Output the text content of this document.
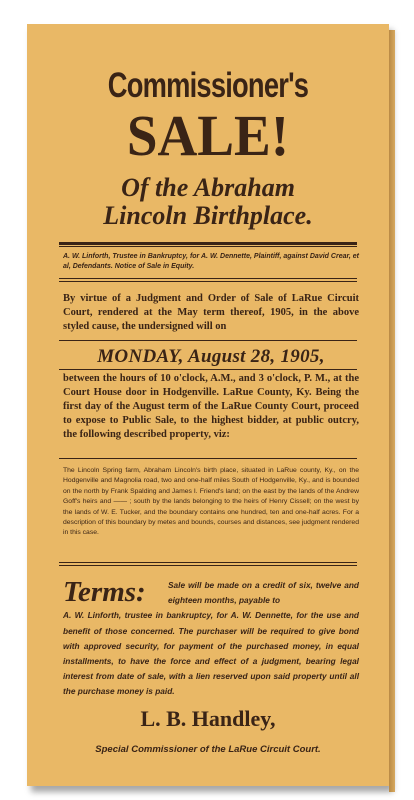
Commissioner's
SALE!
Of the Abraham
Lincoln Birthplace.
A. W. Linforth, Trustee in Bankruptcy, for A. W. Dennette, Plaintiff, against David Crear, et al, Defendants. Notice of Sale in Equity.
By virtue of a Judgment and Order of Sale of LaRue Circuit Court, rendered at the May term thereof, 1905, in the above styled cause, the undersigned will on
MONDAY, August 28, 1905,
between the hours of 10 o'clock, A.M., and 3 o'clock, P. M., at the Court House door in Hodgenville. LaRue County, Ky. Being the first day of the August term of the LaRue County Court, proceed to expose to Public Sale, to the highest bidder, at public outcry, the following described property, viz:
The Lincoln Spring farm, Abraham Lincoln's birth place, situated in LaRue county, Ky., on the Hodgenville and Magnolia road, two and one-half miles South of Hodgenville, Ky., and is bounded on the north by Frank Spalding and James I. Friend's land; on the east by the lands of the Andrew Goff's heirs and —— ; south by the lands belonging to the heirs of Henry Cissell; on the west by the lands of W. E. Tucker, and the boundary contains one hundred, ten and one-half acres. For a description of this boundary by metes and bounds, courses and distances, see judgment rendered in this case.
Terms:	Sale will be made on a credit of six, twelve and eighteen months, payable to
A. W. Linforth, trustee in bankruptcy, for A. W. Dennette, for the use and benefit of those concerned. The purchaser will be required to give bond with approved security, for payment of the purchased money, in equal installments, to have the force and effect of a judgment, bearing legal interest from date of sale, with a lien reserved upon said property until all the purchase money is paid.
L. B. Handley,
Special Commissioner of the LaRue Circuit Court.
